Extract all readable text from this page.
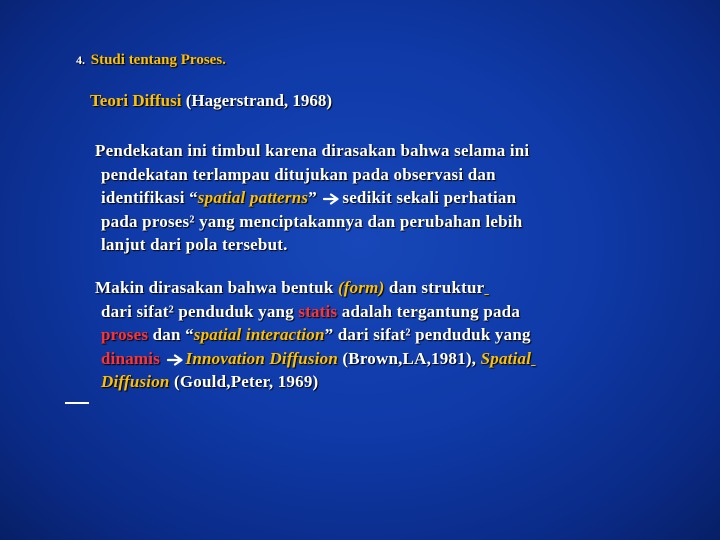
4. Studi tentang Proses.
Teori Diffusi (Hagerstrand, 1968)
Pendekatan ini timbul karena dirasakan bahwa selama ini
pendekatan terlampau ditujukan pada observasi dan
identifikasi “spatial patterns” sedikit sekali perhatian
pada proses² yang menciptakannya dan perubahan lebih
lanjut dari pola tersebut.
Makin dirasakan bahwa bentuk (form) dan struktur
dari sifat² penduduk yang statis adalah tergantung pada
proses dan “spatial interaction” dari sifat² penduduk yang
dinamis Innovation Diffusion (Brown,LA,1981), Spatial
Diffusion (Gould,Peter, 1969)
